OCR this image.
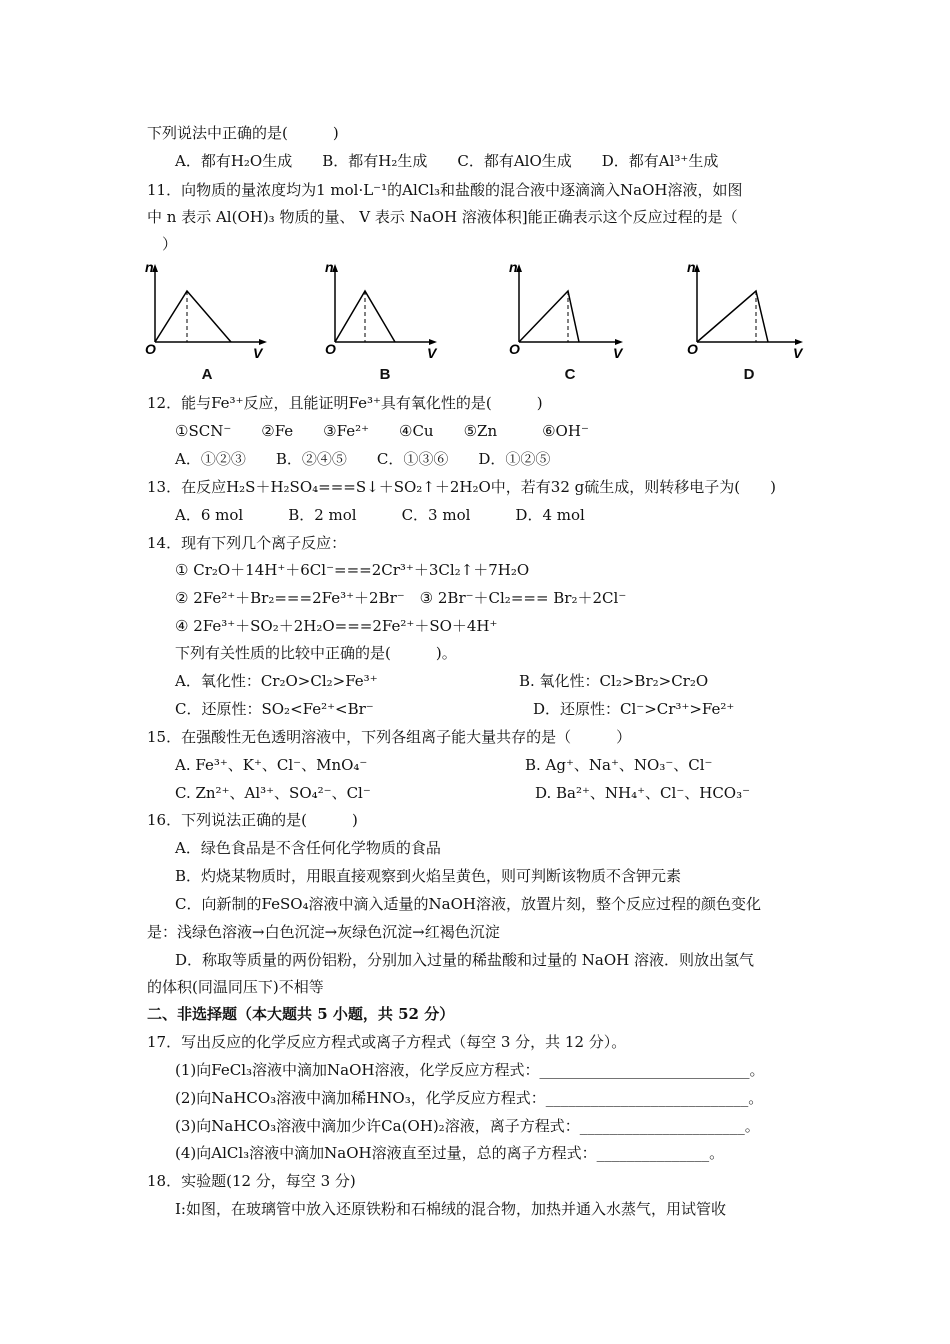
下列说法中正确的是(　　　)
A．都有H₂O生成　　B．都有H₂生成　　C．都有AlO生成　　D．都有Al³⁺生成
11．向物质的量浓度均为1 mol·L⁻¹的AlCl₃和盐酸的混合液中逐滴滴入NaOH溶液，如图
中 n 表示 Al(OH)₃ 物质的量、 V 表示 NaOH 溶液体积]能正确表示这个反应过程的是（
　）
n
O	V
A
n
O	V
B
n
O	V
C
n
O	V
D
12．能与Fe³⁺反应，且能证明Fe³⁺具有氧化性的是(　　　)
①SCN⁻　　②Fe　　③Fe²⁺　　④Cu　　⑤Zn　　　⑥OH⁻
A．①②③　　B．②④⑤　　C．①③⑥　　D．①②⑤
13．在反应H₂S＋H₂SO₄===S↓＋SO₂↑＋2H₂O中，若有32 g硫生成，则转移电子为(　　)
A．6 mol　　　B．2 mol　　　C．3 mol　　　D．4 mol
14．现有下列几个离子反应：
① Cr₂O＋14H⁺＋6Cl⁻===2Cr³⁺＋3Cl₂↑＋7H₂O
② 2Fe²⁺＋Br₂===2Fe³⁺＋2Br⁻　③ 2Br⁻＋Cl₂=== Br₂＋2Cl⁻
④ 2Fe³⁺＋SO₂＋2H₂O===2Fe²⁺＋SO＋4H⁺
下列有关性质的比较中正确的是(　　　)。
A．氧化性：Cr₂O>Cl₂>Fe³⁺	B. 氧化性：Cl₂>Br₂>Cr₂O
C．还原性：SO₂<Fe²⁺<Br⁻	D．还原性：Cl⁻>Cr³⁺>Fe²⁺
15．在强酸性无色透明溶液中，下列各组离子能大量共存的是（　　　）
A. Fe³⁺、K⁺、Cl⁻、MnO₄⁻	B. Ag⁺、Na⁺、NO₃⁻、Cl⁻
C. Zn²⁺、Al³⁺、SO₄²⁻、Cl⁻	D. Ba²⁺、NH₄⁺、Cl⁻、HCO₃⁻
16．下列说法正确的是(　　　)
A．绿色食品是不含任何化学物质的食品
B．灼烧某物质时，用眼直接观察到火焰呈黄色，则可判断该物质不含钾元素
C．向新制的FeSO₄溶液中滴入适量的NaOH溶液，放置片刻，整个反应过程的颜色变化
是：浅绿色溶液→白色沉淀→灰绿色沉淀→红褐色沉淀
D．称取等质量的两份铝粉，分别加入过量的稀盐酸和过量的 NaOH 溶液．则放出氢气
的体积(同温同压下)不相等
二、非选择题（本大题共 5 小题，共 52 分）
17．写出反应的化学反应方程式或离子方程式（每空 3 分，共 12 分）。
(1)向FeCl₃溶液中滴加NaOH溶液，化学反应方程式：____________________________。
(2)向NaHCO₃溶液中滴加稀HNO₃，化学反应方程式：___________________________。
(3)向NaHCO₃溶液中滴加少许Ca(OH)₂溶液，离子方程式：______________________。
(4)向AlCl₃溶液中滴加NaOH溶液直至过量，总的离子方程式：_______________。
18．实验题(12 分，每空 3 分)
I:如图，在玻璃管中放入还原铁粉和石棉绒的混合物，加热并通入水蒸气，用试管收
